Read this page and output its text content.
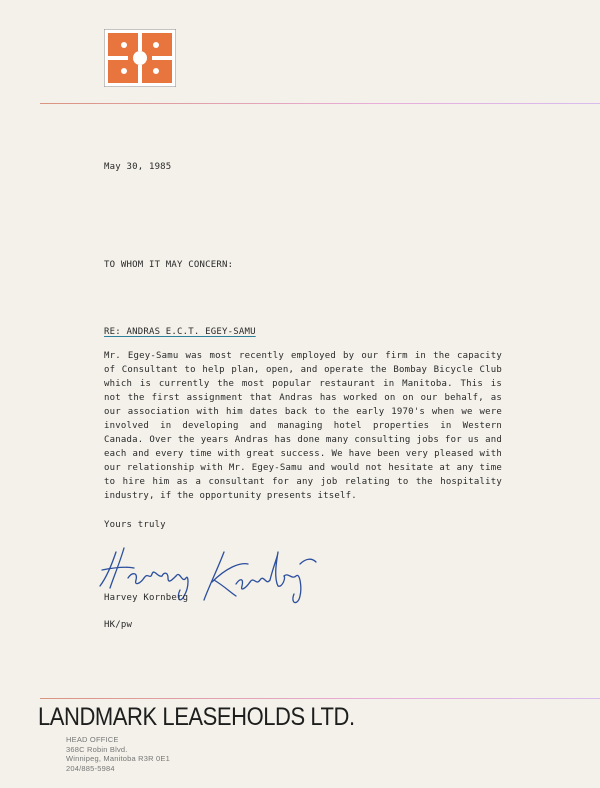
May 30, 1985
TO WHOM IT MAY CONCERN:
RE: ANDRAS E.C.T. EGEY-SAMU
Mr. Egey-Samu was most recently employed by our firm in the capacity of Consultant to help plan, open, and operate the Bombay Bicycle Club which is currently the most popular restaurant in Manitoba. This is not the first assignment that Andras has worked on on our behalf, as our association with him dates back to the early 1970's when we were involved in developing and managing hotel properties in Western Canada. Over the years Andras has done many consulting jobs for us and each and every time with great success. We have been very pleased with our relationship with Mr. Egey-Samu and would not hesitate at any time to hire him as a consultant for any job relating to the hospitality industry, if the opportunity presents itself.
Yours truly
Harvey Kornberg
HK/pw
LANDMARK LEASEHOLDS LTD.
HEAD OFFICE
368C Robin Blvd.
Winnipeg, Manitoba R3R 0E1
204/885-5984
